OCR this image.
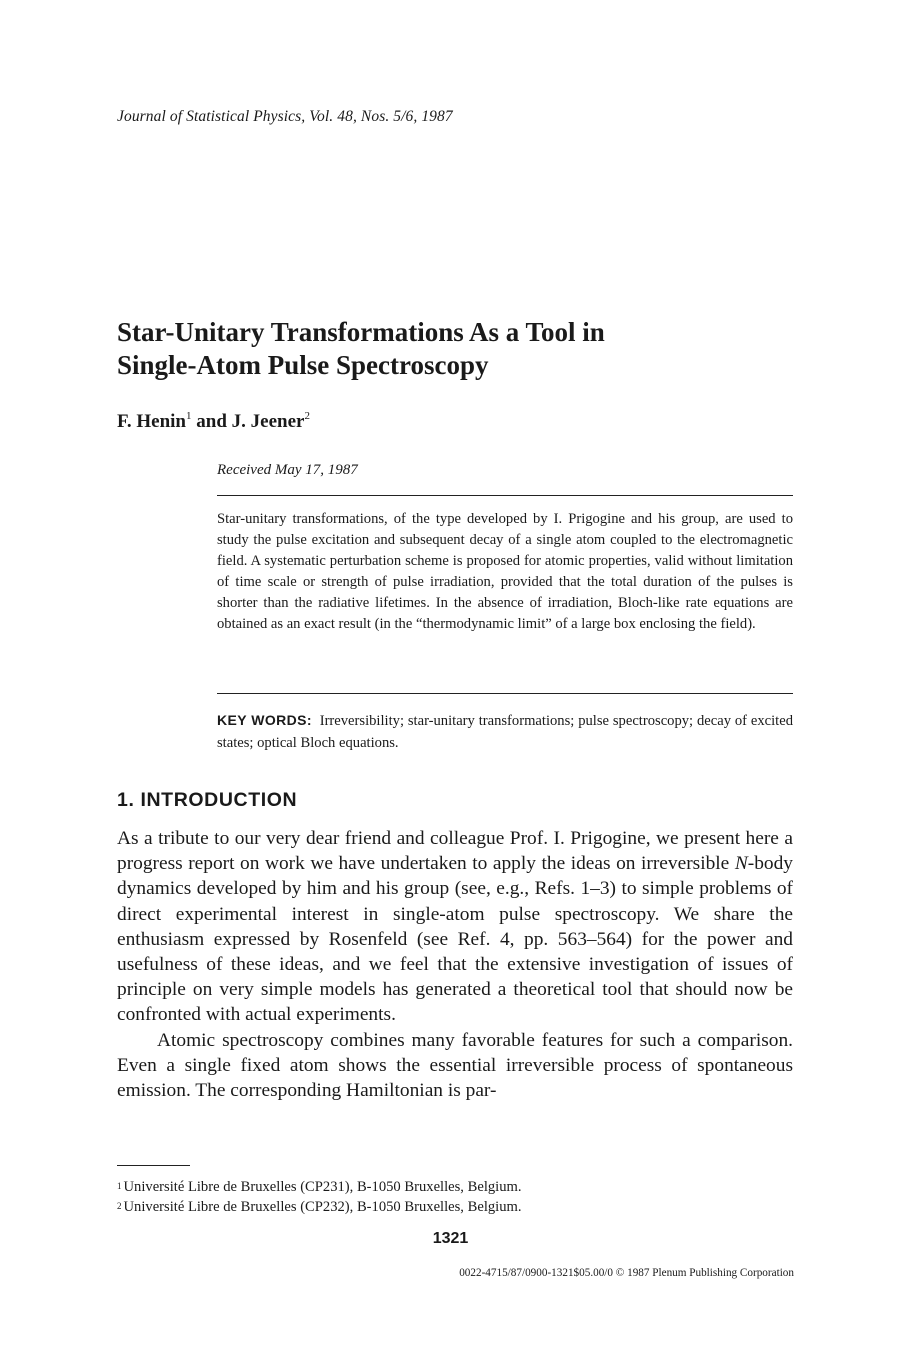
Journal of Statistical Physics, Vol. 48, Nos. 5/6, 1987
Star-Unitary Transformations As a Tool in
Single-Atom Pulse Spectroscopy
F. Henin$^1$ and J. Jeener$^2$
Received May 17, 1987
Star-unitary transformations, of the type developed by I. Prigogine and his group, are used to study the pulse excitation and subsequent decay of a single atom coupled to the electromagnetic field. A systematic perturbation scheme is proposed for atomic properties, valid without limitation of time scale or strength of pulse irradiation, provided that the total duration of the pulses is shorter than the radiative lifetimes. In the absence of irradiation, Bloch-like rate equations are obtained as an exact result (in the “thermodynamic limit” of a large box enclosing the field).
KEY WORDS: Irreversibility; star-unitary transformations; pulse spectroscopy; decay of excited states; optical Bloch equations.
1. INTRODUCTION

As a tribute to our very dear friend and colleague Prof. I. Prigogine, we present here a progress report on work we have undertaken to apply the ideas on irreversible N-body dynamics developed by him and his group (see, e.g., Refs. 1–3) to simple problems of direct experimental interest in single-atom pulse spectroscopy. We share the enthusiasm expressed by Rosenfeld (see Ref. 4, pp. 563–564) for the power and usefulness of these ideas, and we feel that the extensive investigation of issues of principle on very simple models has generated a theoretical tool that should now be confronted with actual experiments.

Atomic spectroscopy combines many favorable features for such a comparison. Even a single fixed atom shows the essential irreversible process of spontaneous emission. The corresponding Hamiltonian is par-

$^1$ Université Libre de Bruxelles (CP231), B-1050 Bruxelles, Belgium.
$^2$ Université Libre de Bruxelles (CP232), B-1050 Bruxelles, Belgium.
1321
0022-4715/87/0900-1321$05.00/0 © 1987 Plenum Publishing Corporation
